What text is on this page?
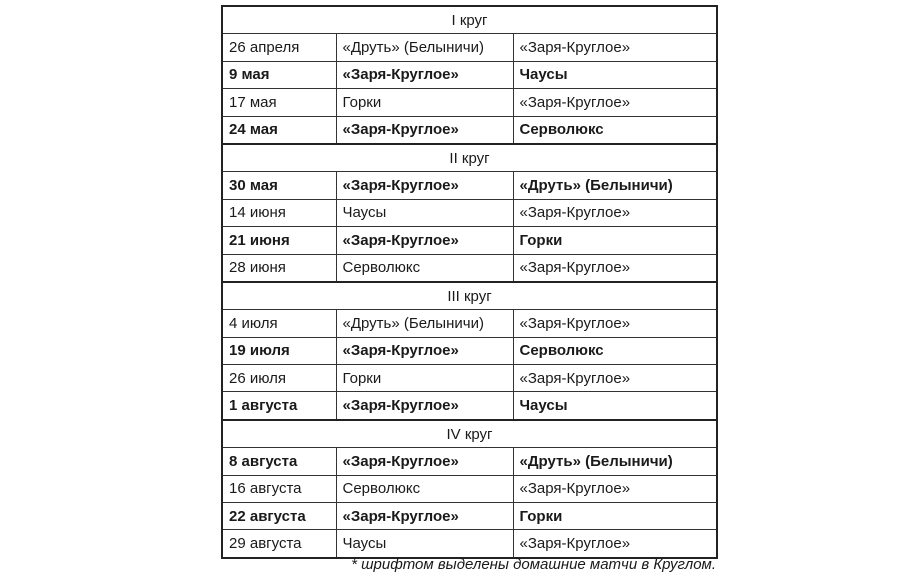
I круг		
26 апреля	«Друть» (Белыничи)	«Заря-Круглое»
9 мая	«Заря-Круглое»	Чаусы
17 мая	Горки	«Заря-Круглое»
24 мая	«Заря-Круглое»	Серволюкс
II круг		
30 мая	«Заря-Круглое»	«Друть» (Белыничи)
14 июня	Чаусы	«Заря-Круглое»
21 июня	«Заря-Круглое»	Горки
28 июня	Серволюкс	«Заря-Круглое»
III круг		
4 июля	«Друть» (Белыничи)	«Заря-Круглое»
19 июля	«Заря-Круглое»	Серволюкс
26 июля	Горки	«Заря-Круглое»
1 августа	«Заря-Круглое»	Чаусы
IV круг		
8 августа	«Заря-Круглое»	«Друть» (Белыничи)
16 августа	Серволюкс	«Заря-Круглое»
22 августа	«Заря-Круглое»	Горки
29 августа	Чаусы	«Заря-Круглое»
* шрифтом выделены домашние матчи в Круглом.
